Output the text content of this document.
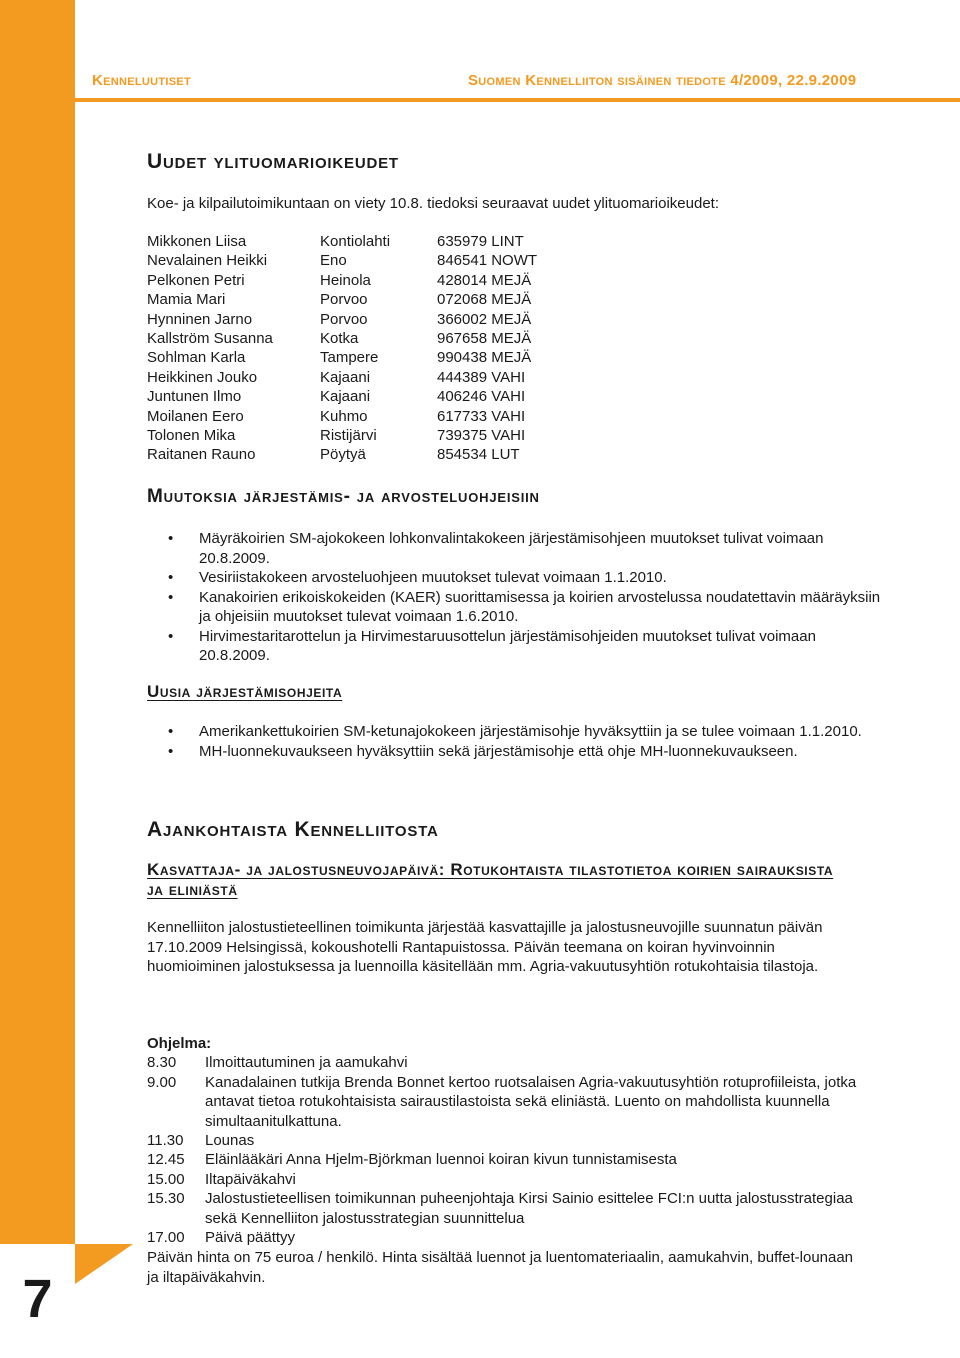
7
Kenneluutiset	Suomen Kennelliiton sisäinen tiedote 4/2009, 22.9.2009
Uudet ylituomarioikeudet
Koe- ja kilpailutoimikuntaan on viety 10.8. tiedoksi seuraavat uudet ylituomarioikeudet:
Mikkonen Liisa	Kontiolahti	635979 LINT
Nevalainen Heikki	Eno	846541 NOWT
Pelkonen Petri	Heinola	428014 MEJÄ
Mamia Mari	Porvoo	072068 MEJÄ
Hynninen Jarno	Porvoo	366002 MEJÄ
Kallström Susanna	Kotka	967658 MEJÄ
Sohlman Karla	Tampere	990438 MEJÄ
Heikkinen Jouko	Kajaani	444389 VAHI
Juntunen Ilmo	Kajaani	406246 VAHI
Moilanen Eero	Kuhmo	617733 VAHI
Tolonen Mika	Ristijärvi	739375 VAHI
Raitanen Rauno	Pöytyä	854534 LUT
Muutoksia järjestämis- ja arvosteluohjeisiin
• Mäyräkoirien SM-ajokokeen lohkonvalintakokeen järjestämisohjeen muutokset tulivat voimaan 20.8.2009.
• Vesiriistakokeen arvosteluohjeen muutokset tulevat voimaan 1.1.2010.
• Kanakoirien erikoiskokeiden (KAER) suorittamisessa ja koirien arvostelussa noudatettavin määräyksiin ja ohjeisiin muutokset tulevat voimaan 1.6.2010.
• Hirvimestaritarottelun ja Hirvimestaruusottelun järjestämisohjeiden muutokset tulivat voimaan 20.8.2009.
Uusia järjestämisohjeita
• Amerikankettukoirien SM-ketunajokokeen järjestämisohje hyväksyttiin ja se tulee voimaan 1.1.2010.
• MH-luonnekuvaukseen hyväksyttiin sekä järjestämisohje että ohje MH-luonnekuvaukseen.
Ajankohtaista Kennelliitosta
Kasvattaja- ja jalostusneuvojapäivä: Rotukohtaista tilastotietoa koirien sairauksista ja eliniästä
Kennelliiton jalostustieteellinen toimikunta järjestää kasvattajille ja jalostusneuvojille suunnatun päivän 17.10.2009 Helsingissä, kokoushotelli Rantapuistossa. Päivän teemana on koiran hyvinvoinnin huomioiminen jalostuksessa ja luennoilla käsitellään mm. Agria-vakuutusyhtiön rotukohtaisia tilastoja.
Ohjelma:
8.30	Ilmoittautuminen ja aamukahvi
9.00	Kanadalainen tutkija Brenda Bonnet kertoo ruotsalaisen Agria-vakuutusyhtiön rotuprofiileista, jotka antavat tietoa rotukohtaisista sairaustilastoista sekä eliniästä. Luento on mahdollista kuunnella simultaanitulkattuna.
11.30	Lounas
12.45	Eläinlääkäri Anna Hjelm-Björkman luennoi koiran kivun tunnistamisesta
15.00	Iltapäiväkahvi
15.30	Jalostustieteellisen toimikunnan puheenjohtaja Kirsi Sainio esittelee FCI:n uutta jalostusstrategiaa sekä Kennelliiton jalostusstrategian suunnittelua
17.00	Päivä päättyy
Päivän hinta on 75 euroa / henkilö. Hinta sisältää luennot ja luentomateriaalin, aamukahvin, buffet-lounaan ja iltapäiväkahvin.
